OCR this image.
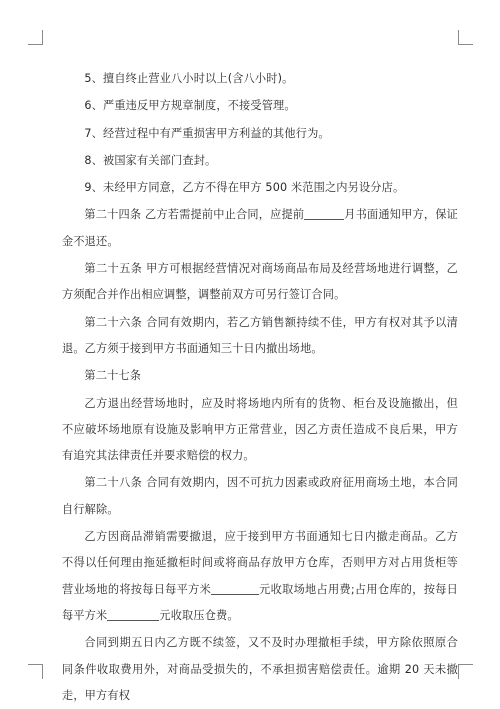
5、擅自终止营业八小时以上(含八小时)。

6、严重违反甲方规章制度，不接受管理。

7、经营过程中有严重损害甲方利益的其他行为。

8、被国家有关部门查封。

9、未经甲方同意，乙方不得在甲方 500 米范围之内另设分店。

第二十四条 乙方若需提前中止合同，应提前	月书面通知甲方，保证金不退还。

第二十五条 甲方可根据经营情况对商场商品布局及经营场地进行调整，乙方须配合并作出相应调整，调整前双方可另行签订合同。

第二十六条 合同有效期内，若乙方销售额持续不佳，甲方有权对其予以清退。乙方须于接到甲方书面通知三十日内撤出场地。

第二十七条

乙方退出经营场地时，应及时将场地内所有的货物、柜台及设施撤出，但不应破坏场地原有设施及影响甲方正常营业，因乙方责任造成不良后果，甲方有追究其法律责任并要求赔偿的权力。

第二十八条 合同有效期内，因不可抗力因素或政府征用商场土地，本合同自行解除。

乙方因商品滞销需要撤退，应于接到甲方书面通知七日内撤走商品。乙方不得以任何理由拖延撤柜时间或将商品存放甲方仓库，否则甲方对占用货柜等营业场地的将按每日每平方米	元收取场地占用费;占用仓库的，按每日每平方米	元收取压仓费。

合同到期五日内乙方既不续签，又不及时办理撤柜手续，甲方除依照原合同条件收取费用外，对商品受损失的，不承担损害赔偿责任。逾期 20 天未撤走，甲方有权
